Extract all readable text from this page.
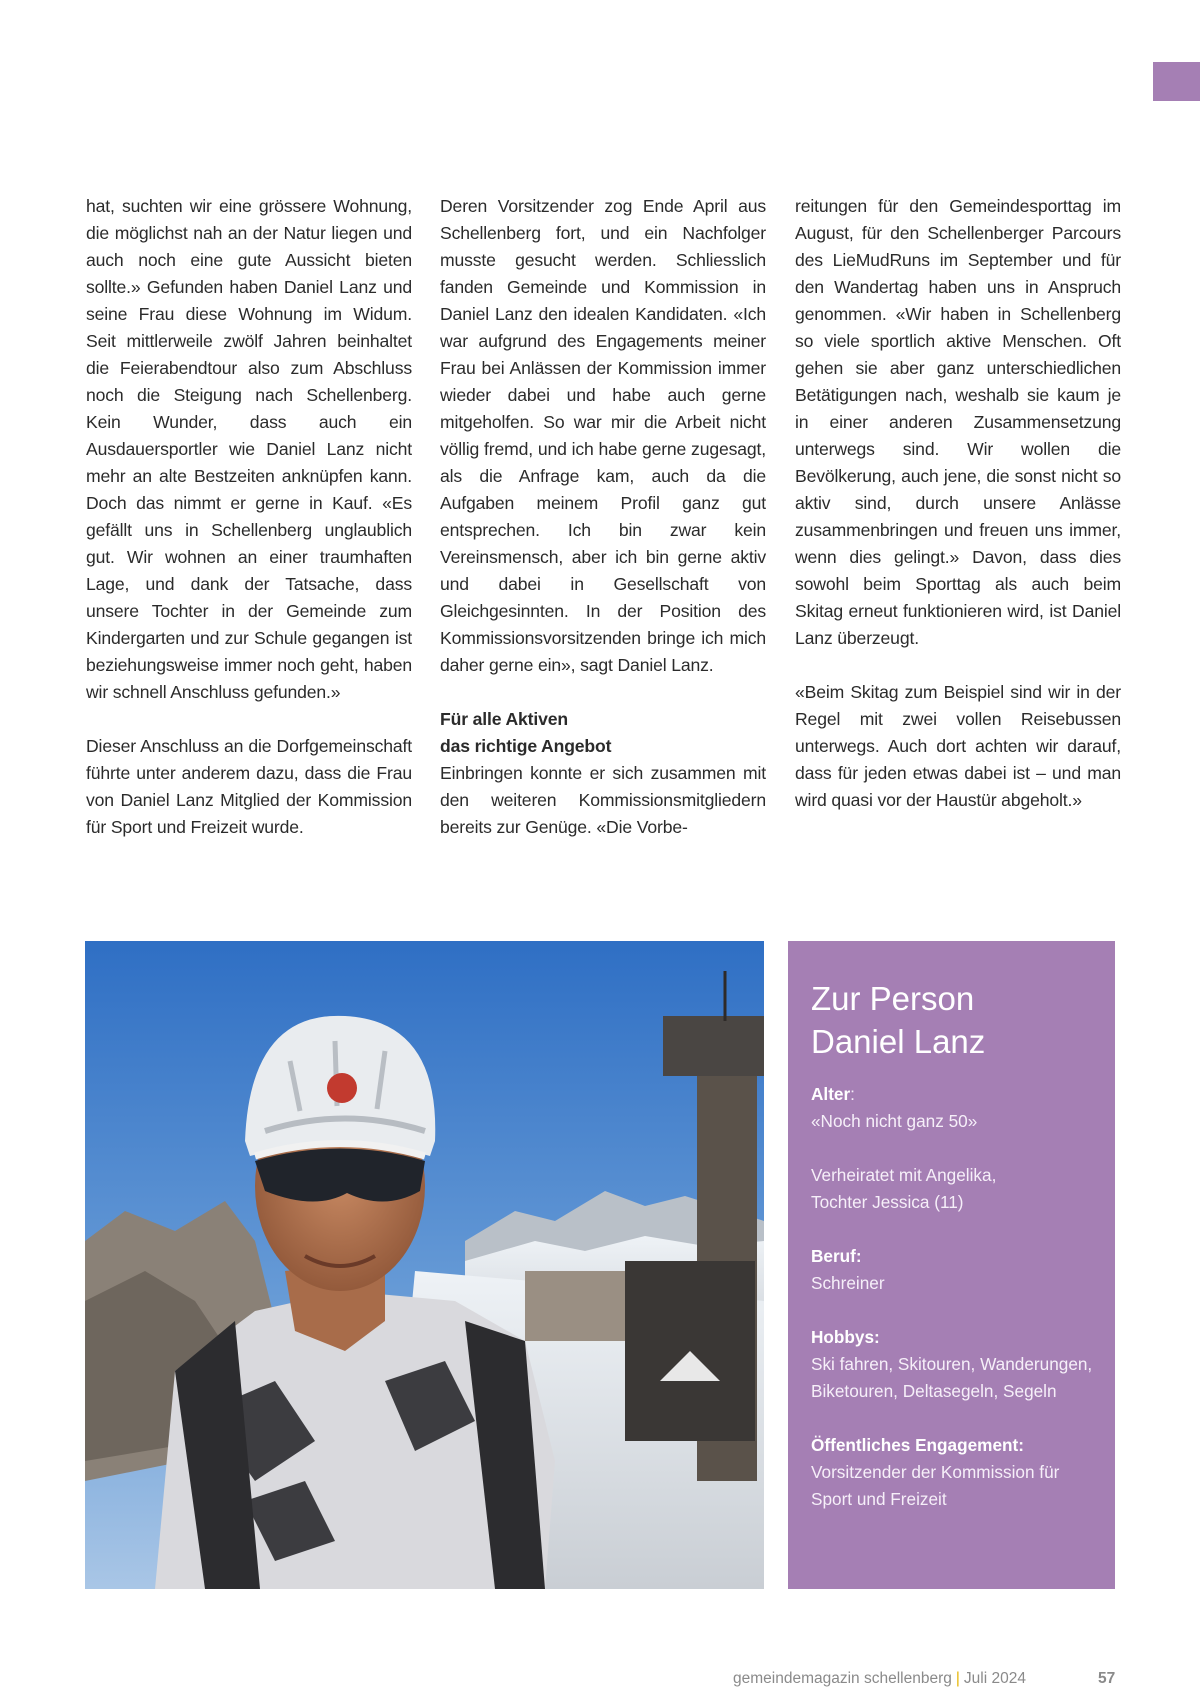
hat, suchten wir eine grössere Wohnung, die möglichst nah an der Natur liegen und auch noch eine gute Aussicht bieten sollte.» Gefunden haben Daniel Lanz und seine Frau diese Wohnung im Widum. Seit mittlerweile zwölf Jahren beinhaltet die Feierabendtour also zum Abschluss noch die Steigung nach Schellenberg. Kein Wunder, dass auch ein Ausdauersportler wie Daniel Lanz nicht mehr an alte Bestzeiten anknüpfen kann. Doch das nimmt er gerne in Kauf. «Es gefällt uns in Schellenberg unglaublich gut. Wir wohnen an einer traumhaften Lage, und dank der Tatsache, dass unsere Tochter in der Gemeinde zum Kindergarten und zur Schule gegangen ist beziehungsweise immer noch geht, haben wir schnell Anschluss gefunden.»

Dieser Anschluss an die Dorfgemeinschaft führte unter anderem dazu, dass die Frau von Daniel Lanz Mitglied der Kommission für Sport und Freizeit wurde.

Deren Vorsitzender zog Ende April aus Schellenberg fort, und ein Nachfolger musste gesucht werden. Schliesslich fanden Gemeinde und Kommission in Daniel Lanz den idealen Kandidaten. «Ich war aufgrund des Engagements meiner Frau bei Anlässen der Kommission immer wieder dabei und habe auch gerne mitgeholfen. So war mir die Arbeit nicht völlig fremd, und ich habe gerne zugesagt, als die Anfrage kam, auch da die Aufgaben meinem Profil ganz gut entsprechen. Ich bin zwar kein Vereinsmensch, aber ich bin gerne aktiv und dabei in Gesellschaft von Gleichgesinnten. In der Position des Kommissionsvorsitzenden bringe ich mich daher gerne ein», sagt Daniel Lanz.

Für alle Aktiven
das richtige Angebot
Einbringen konnte er sich zusammen mit den weiteren Kommissionsmitgliedern bereits zur Genüge. «Die Vorbe-

reitungen für den Gemeindesporttag im August, für den Schellenberger Parcours des LieMudRuns im September und für den Wandertag haben uns in Anspruch genommen. «Wir haben in Schellenberg so viele sportlich aktive Menschen. Oft gehen sie aber ganz unterschiedlichen Betätigungen nach, weshalb sie kaum je in einer anderen Zusammensetzung unterwegs sind. Wir wollen die Bevölkerung, auch jene, die sonst nicht so aktiv sind, durch unsere Anlässe zusammenbringen und freuen uns immer, wenn dies gelingt.» Davon, dass dies sowohl beim Sporttag als auch beim Skitag erneut funktionieren wird, ist Daniel Lanz überzeugt.

«Beim Skitag zum Beispiel sind wir in der Regel mit zwei vollen Reisebussen unterwegs. Auch dort achten wir darauf, dass für jeden etwas dabei ist – und man wird quasi vor der Haustür abgeholt.»

Zur Person
Daniel Lanz
Alter:
«Noch nicht ganz 50»
Verheiratet mit Angelika,
Tochter Jessica (11)
Beruf:
Schreiner
Hobbys:
Ski fahren, Skitouren, Wanderungen,
Biketouren, Deltasegeln, Segeln
Öffentliches Engagement:
Vorsitzender der Kommission für
Sport und Freizeit
gemeindemagazin schellenberg | Juli 2024	57
